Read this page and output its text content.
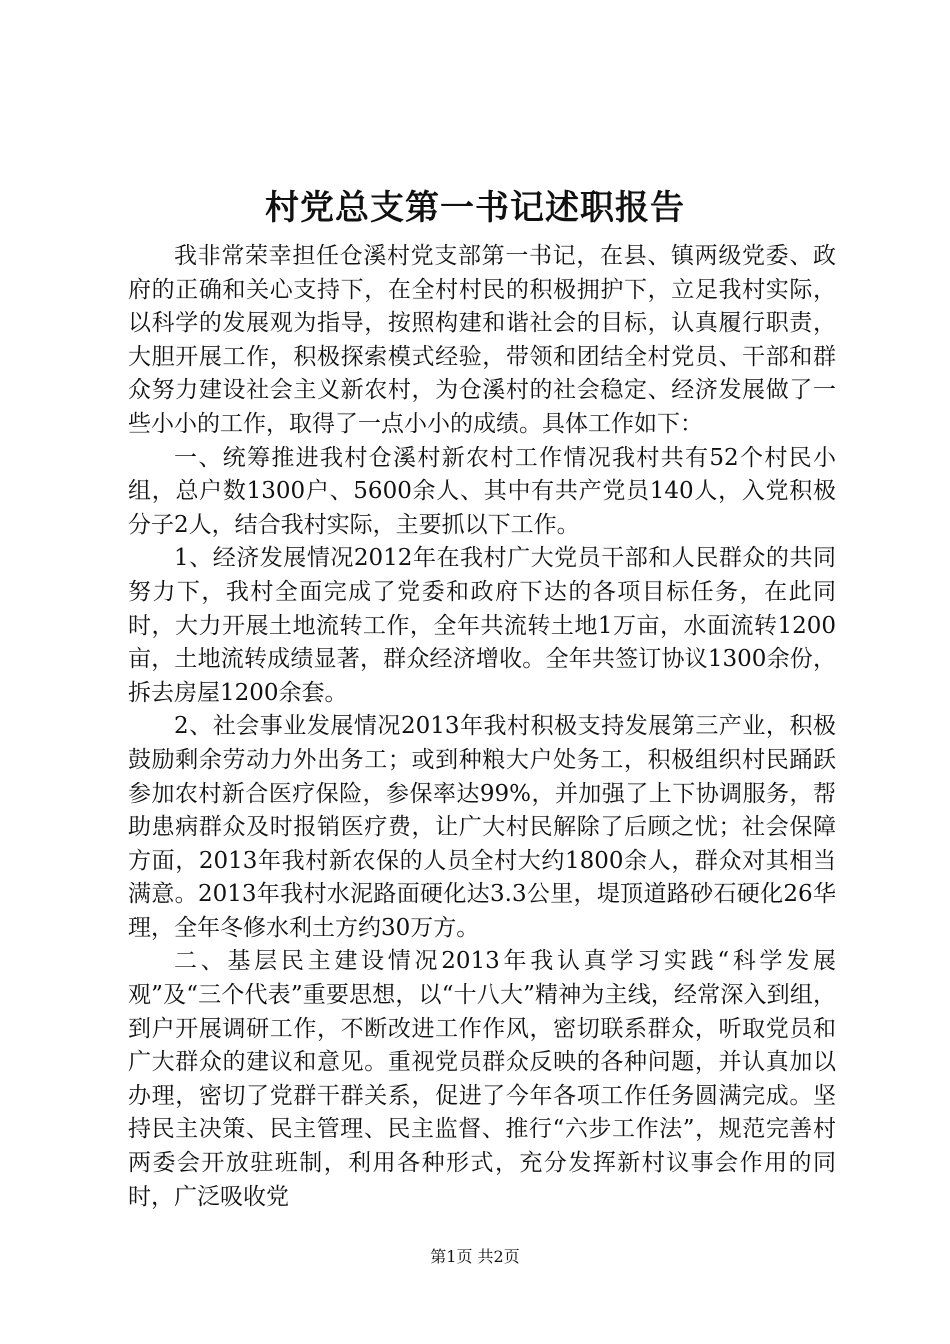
村党总支第一书记述职报告

我非常荣幸担任仓溪村党支部第一书记，在县、镇两级党委、政府的正确和关心支持下，在全村村民的积极拥护下，立足我村实际，以科学的发展观为指导，按照构建和谐社会的目标，认真履行职责，大胆开展工作，积极探索模式经验，带领和团结全村党员、干部和群众努力建设社会主义新农村，为仓溪村的社会稳定、经济发展做了一些小小的工作，取得了一点小小的成绩。具体工作如下：

一、统筹推进我村仓溪村新农村工作情况我村共有52个村民小组，总户数1300户、5600余人、其中有共产党员140人，入党积极分子2人，结合我村实际，主要抓以下工作。

1、经济发展情况2012年在我村广大党员干部和人民群众的共同努力下，我村全面完成了党委和政府下达的各项目标任务，在此同时，大力开展土地流转工作，全年共流转土地1万亩，水面流转1200亩，土地流转成绩显著，群众经济增收。全年共签订协议1300余份，拆去房屋1200余套。

2、社会事业发展情况2013年我村积极支持发展第三产业，积极鼓励剩余劳动力外出务工；或到种粮大户处务工，积极组织村民踊跃参加农村新合医疗保险，参保率达99%，并加强了上下协调服务，帮助患病群众及时报销医疗费，让广大村民解除了后顾之忧；社会保障方面，2013年我村新农保的人员全村大约1800余人，群众对其相当满意。2013年我村水泥路面硬化达3.3公里，堤顶道路砂石硬化26华理，全年冬修水利土方约30万方。

二、基层民主建设情况2013年我认真学习实践“科学发展观”及“三个代表”重要思想，以“十八大”精神为主线，经常深入到组，到户开展调研工作，不断改进工作作风，密切联系群众，听取党员和广大群众的建议和意见。重视党员群众反映的各种问题，并认真加以办理，密切了党群干群关系，促进了今年各项工作任务圆满完成。坚持民主决策、民主管理、民主监督、推行“六步工作法”，规范完善村两委会开放驻班制，利用各种形式，充分发挥新村议事会作用的同时，广泛吸收党

第1页 共2页
